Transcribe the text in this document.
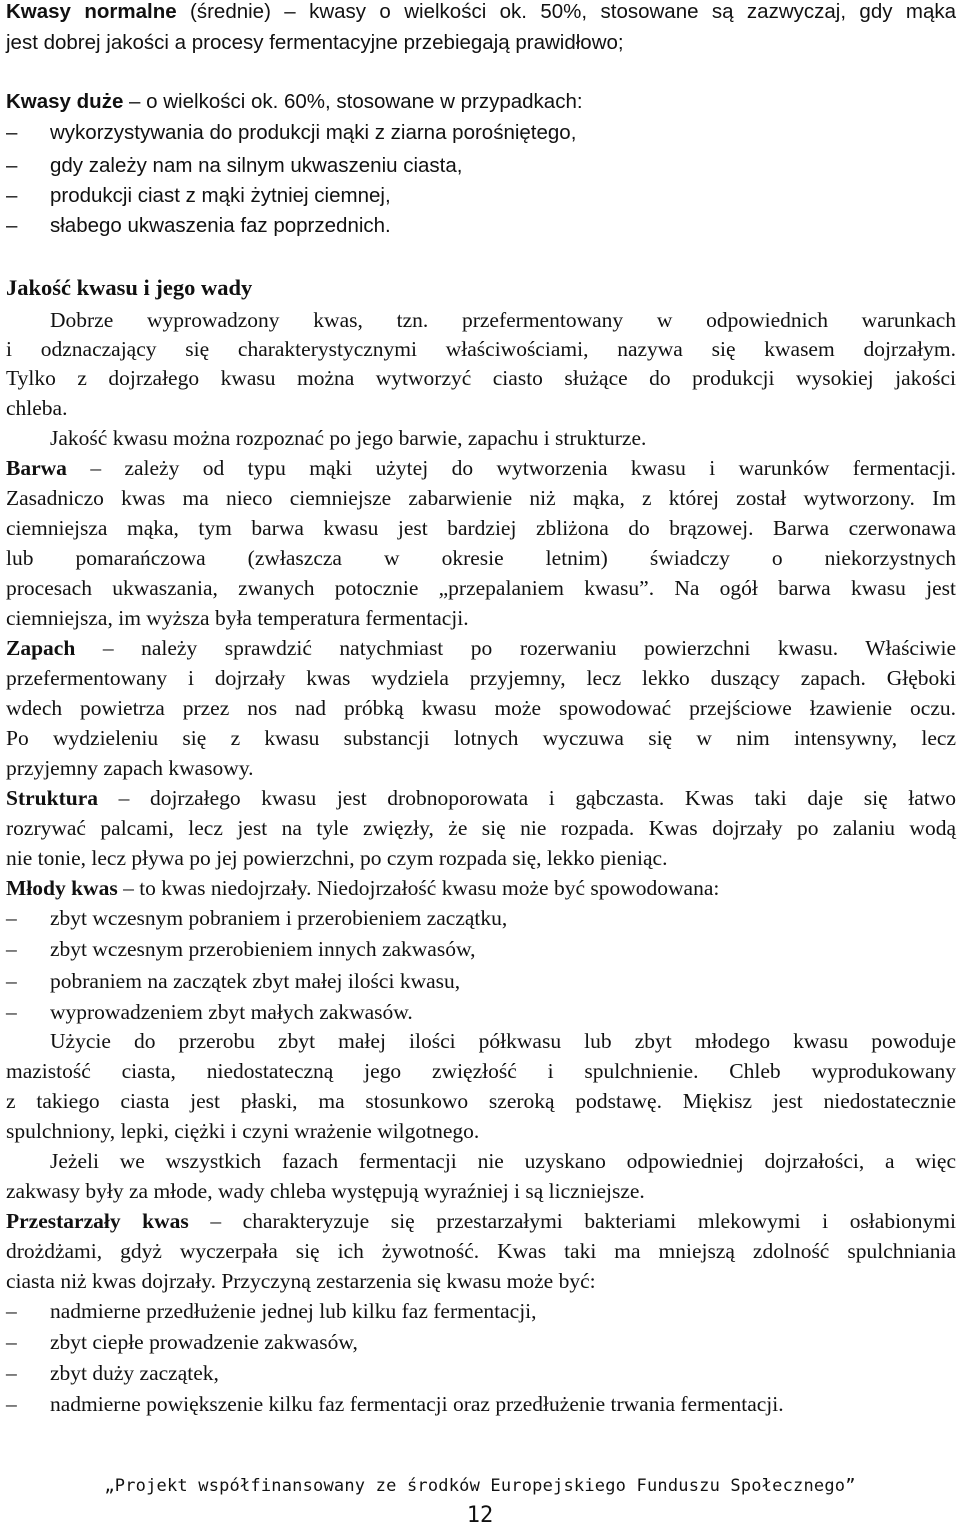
Kwasy normalne (średnie) – kwasy o wielkości ok. 50%, stosowane są zazwyczaj, gdy mąka
jest dobrej jakości a procesy fermentacyjne przebiegają prawidłowo;
Kwasy duże – o wielkości ok. 60%, stosowane w przypadkach:
– wykorzystywania do produkcji mąki z ziarna porośniętego,
– gdy zależy nam na silnym ukwaszeniu ciasta,
– produkcji ciast z mąki żytniej ciemnej,
– słabego ukwaszenia faz poprzednich.
Jakość kwasu i jego wady
Dobrze wyprowadzony kwas, tzn. przefermentowany w odpowiednich warunkach
i odznaczający się charakterystycznymi właściwościami, nazywa się kwasem dojrzałym.
Tylko z dojrzałego kwasu można wytworzyć ciasto służące do produkcji wysokiej jakości
chleba.
Jakość kwasu można rozpoznać po jego barwie, zapachu i strukturze.
Barwa – zależy od typu mąki użytej do wytworzenia kwasu i warunków fermentacji.
Zasadniczo kwas ma nieco ciemniejsze zabarwienie niż mąka, z której został wytworzony. Im
ciemniejsza mąka, tym barwa kwasu jest bardziej zbliżona do brązowej. Barwa czerwonawa
lub pomarańczowa (zwłaszcza w okresie letnim) świadczy o niekorzystnych
procesach ukwaszania, zwanych potocznie „przepalaniem kwasu”. Na ogół barwa kwasu jest
ciemniejsza, im wyższa była temperatura fermentacji.
Zapach – należy sprawdzić natychmiast po rozerwaniu powierzchni kwasu. Właściwie
przefermentowany i dojrzały kwas wydziela przyjemny, lecz lekko duszący zapach. Głęboki
wdech powietrza przez nos nad próbką kwasu może spowodować przejściowe łzawienie oczu.
Po wydzieleniu się z kwasu substancji lotnych wyczuwa się w nim intensywny, lecz
przyjemny zapach kwasowy.
Struktura – dojrzałego kwasu jest drobnoporowata i gąbczasta. Kwas taki daje się łatwo
rozrywać palcami, lecz jest na tyle zwięzły, że się nie rozpada. Kwas dojrzały po zalaniu wodą
nie tonie, lecz pływa po jej powierzchni, po czym rozpada się, lekko pieniąc.
Młody kwas – to kwas niedojrzały. Niedojrzałość kwasu może być spowodowana:
– zbyt wczesnym pobraniem i przerobieniem zaczątku,
– zbyt wczesnym przerobieniem innych zakwasów,
– pobraniem na zaczątek zbyt małej ilości kwasu,
– wyprowadzeniem zbyt małych zakwasów.
Użycie do przerobu zbyt małej ilości półkwasu lub zbyt młodego kwasu powoduje
mazistość ciasta, niedostateczną jego zwięzłość i spulchnienie. Chleb wyprodukowany
z takiego ciasta jest płaski, ma stosunkowo szeroką podstawę. Miękisz jest niedostatecznie
spulchniony, lepki, ciężki i czyni wrażenie wilgotnego.
Jeżeli we wszystkich fazach fermentacji nie uzyskano odpowiedniej dojrzałości, a więc
zakwasy były za młode, wady chleba występują wyraźniej i są liczniejsze.
Przestarzały kwas – charakteryzuje się przestarzałymi bakteriami mlekowymi i osłabionymi
drożdżami, gdyż wyczerpała się ich żywotność. Kwas taki ma mniejszą zdolność spulchniania
ciasta niż kwas dojrzały. Przyczyną zestarzenia się kwasu może być:
– nadmierne przedłużenie jednej lub kilku faz fermentacji,
– zbyt ciepłe prowadzenie zakwasów,
– zbyt duży zaczątek,
– nadmierne powiększenie kilku faz fermentacji oraz przedłużenie trwania fermentacji.
„Projekt współfinansowany ze środków Europejskiego Funduszu Społecznego”
12
